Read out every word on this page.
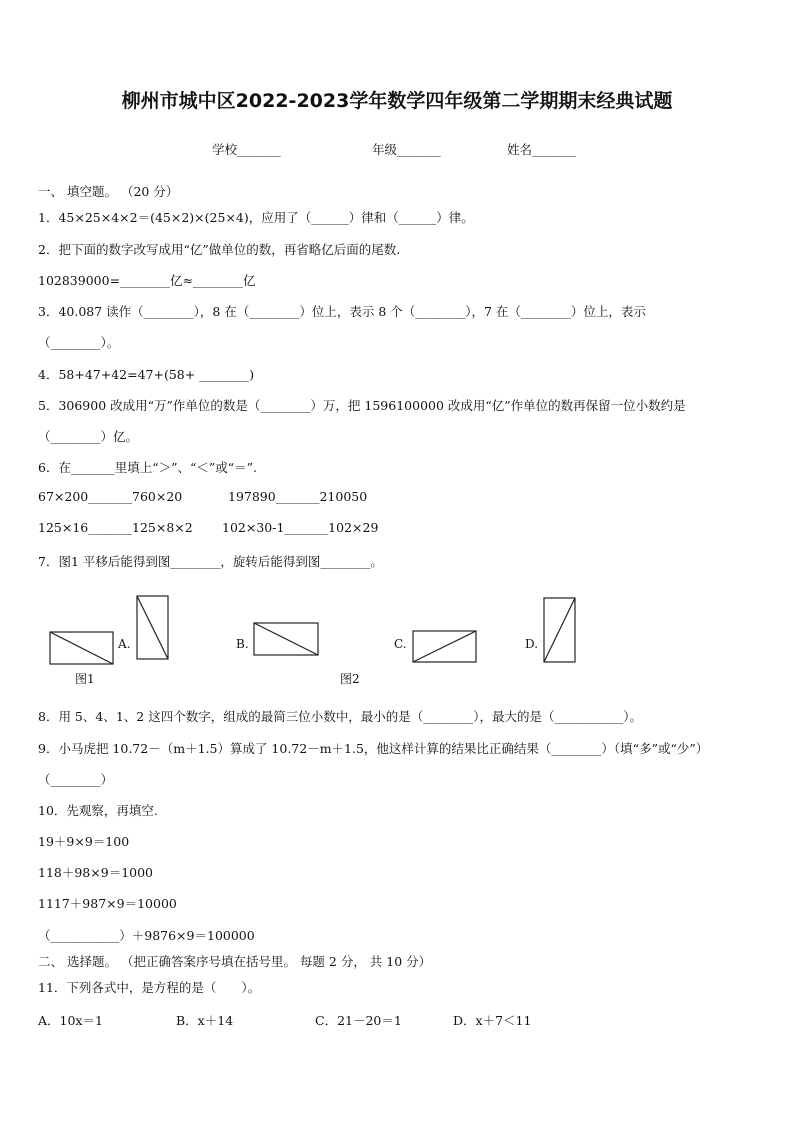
柳州市城中区2022-2023学年数学四年级第二学期期末经典试题
学校_______	年级_______	姓名_______
一、 填空题。 （20 分）
1．45×25×4×2＝(45×2)×(25×4)，应用了（______）律和（______）律。
2．把下面的数字改写成用“亿”做单位的数，再省略亿后面的尾数.
102839000=________亿≈________亿
3．40.087 读作（________），8 在（________）位上，表示 8 个（________），7 在（________）位上，表示
（________）。
4．58+47+42=47+(58+ ________)
5．306900 改成用“万”作单位的数是（________）万，把 1596100000 改成用“亿”作单位的数再保留一位小数约是
（________）亿。
6．在_______里填上“＞”、“＜”或“＝”.
67×200_______760×20	197890_______210050
125×16_______125×8×2 102×30-1_______102×29
7．图1 平移后能得到图________，旋转后能得到图________。
A.	B.	C.	D.
图1	图2
8．用 5、4、1、2 这四个数字，组成的最简三位小数中，最小的是（________），最大的是（___________）。
9．小马虎把 10.72－（m＋1.5）算成了 10.72－m＋1.5，他这样计算的结果比正确结果（________）（填“多”或“少”）
（________）
10．先观察，再填空.
19＋9×9＝100
118＋98×9＝1000
1117＋987×9＝10000
（___________）＋9876×9＝100000
二、 选择题。 （把正确答案序号填在括号里。 每题 2 分， 共 10 分）
11．下列各式中，是方程的是（　　）。
A．10x＝1	B．x＋14	C．21－20＝1	D．x＋7＜11
